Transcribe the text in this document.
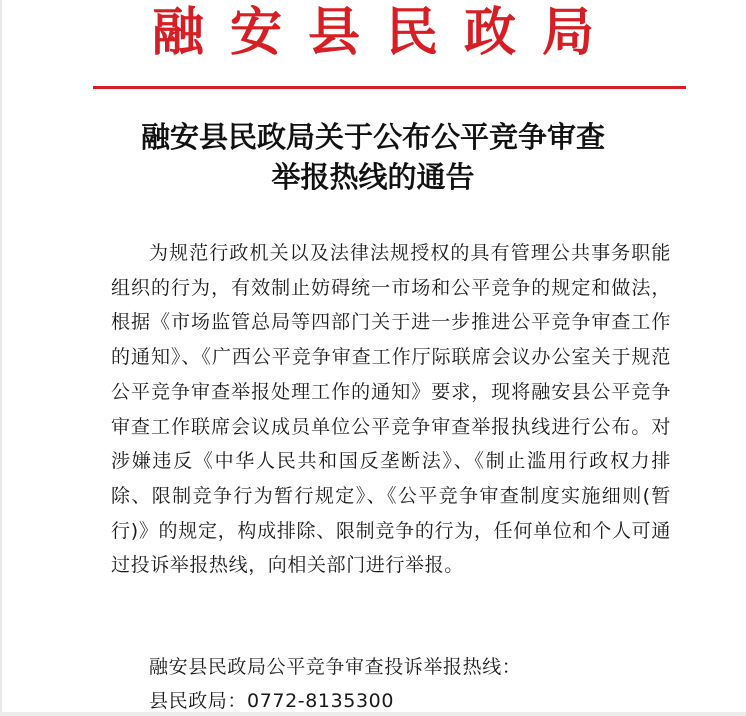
融安县民政局
融安县民政局关于公布公平竞争审查
举报热线的通告
为规范行政机关以及法律法规授权的具有管理公共事务职能组织的行为，有效制止妨碍统一市场和公平竞争的规定和做法，根据《市场监管总局等四部门关于进一步推进公平竞争审查工作的通知》、《广西公平竞争审查工作厅际联席会议办公室关于规范公平竞争审查举报处理工作的通知》要求，现将融安县公平竞争审查工作联席会议成员单位公平竞争审查举报执线进行公布。对涉嫌违反《中华人民共和国反垄断法》、《制止滥用行政权力排除、限制竞争行为暂行规定》、《公平竞争审查制度实施细则(暂行)》的规定，构成排除、限制竞争的行为，任何单位和个人可通过投诉举报热线，向相关部门进行举报。
融安县民政局公平竞争审查投诉举报热线：
县民政局：0772-8135300
